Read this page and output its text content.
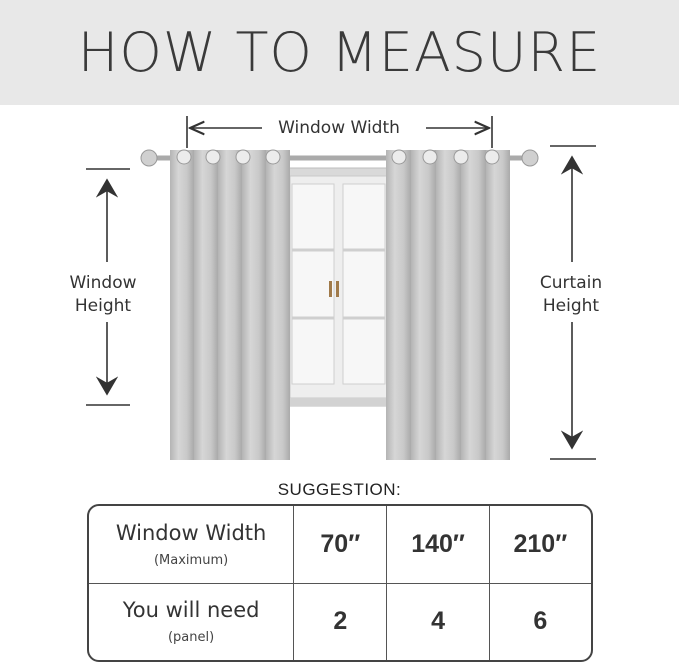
HOW TO MEASURE
Window Width
Window
Height
Curtain
Height
SUGGESTION:
Window Width
(Maximum)	70″	140″	210″

You will need
(panel)	2	4	6
